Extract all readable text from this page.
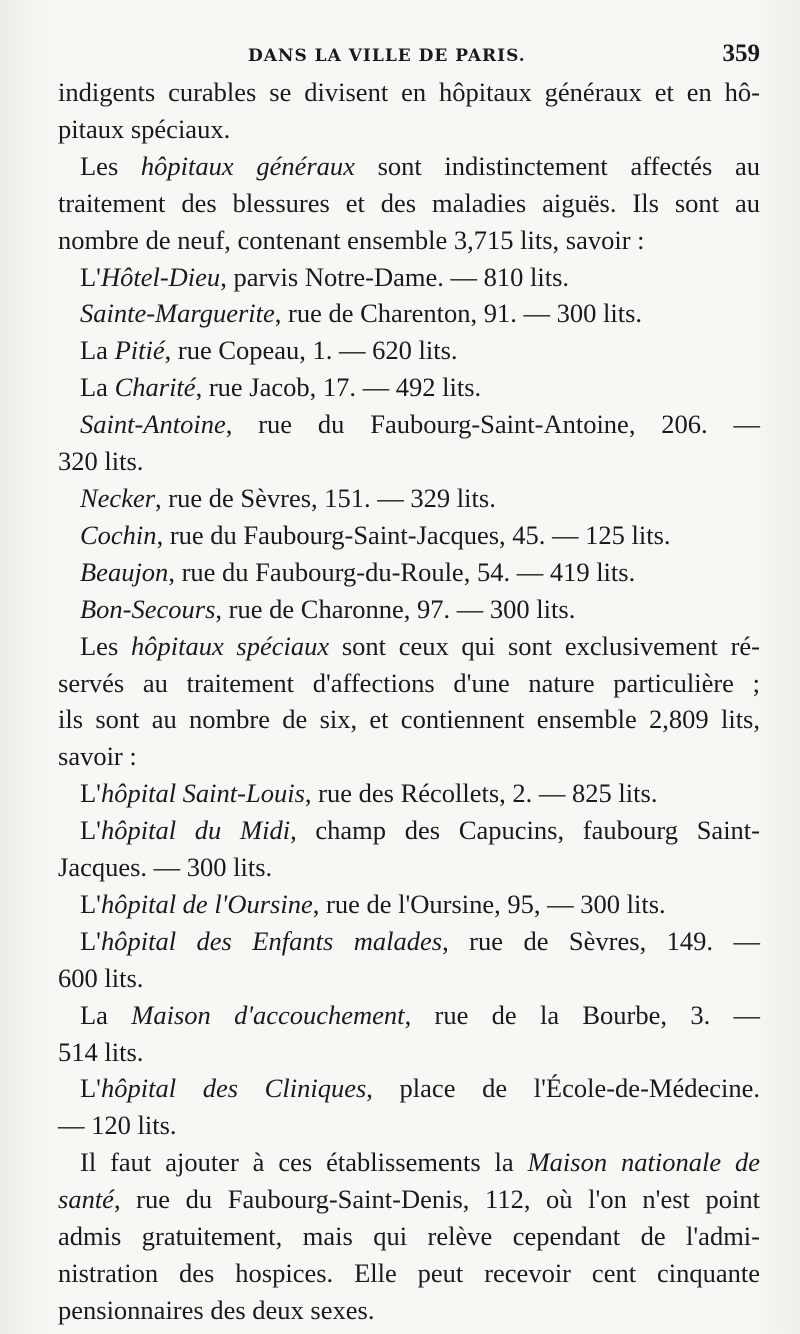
DANS LA VILLE DE PARIS.	359
indigents curables se divisent en hôpitaux généraux et en hô-
pitaux spéciaux.
Les hôpitaux généraux sont indistinctement affectés au
traitement des blessures et des maladies aiguës. Ils sont au
nombre de neuf, contenant ensemble 3,715 lits, savoir :
L'Hôtel-Dieu, parvis Notre-Dame. — 810 lits.
Sainte-Marguerite, rue de Charenton, 91. — 300 lits.
La Pitié, rue Copeau, 1. — 620 lits.
La Charité, rue Jacob, 17. — 492 lits.
Saint-Antoine, rue du Faubourg-Saint-Antoine, 206. —
320 lits.
Necker, rue de Sèvres, 151. — 329 lits.
Cochin, rue du Faubourg-Saint-Jacques, 45. — 125 lits.
Beaujon, rue du Faubourg-du-Roule, 54. — 419 lits.
Bon-Secours, rue de Charonne, 97. — 300 lits.
Les hôpitaux spéciaux sont ceux qui sont exclusivement ré-
servés au traitement d'affections d'une nature particulière ;
ils sont au nombre de six, et contiennent ensemble 2,809 lits,
savoir :
L'hôpital Saint-Louis, rue des Récollets, 2. — 825 lits.
L'hôpital du Midi, champ des Capucins, faubourg Saint-
Jacques. — 300 lits.
L'hôpital de l'Oursine, rue de l'Oursine, 95, — 300 lits.
L'hôpital des Enfants malades, rue de Sèvres, 149. —
600 lits.
La Maison d'accouchement, rue de la Bourbe, 3. —
514 lits.
L'hôpital des Cliniques, place de l'École-de-Médecine.
— 120 lits.
Il faut ajouter à ces établissements la Maison nationale de
santé, rue du Faubourg-Saint-Denis, 112, où l'on n'est point
admis gratuitement, mais qui relève cependant de l'admi-
nistration des hospices. Elle peut recevoir cent cinquante
pensionnaires des deux sexes.
